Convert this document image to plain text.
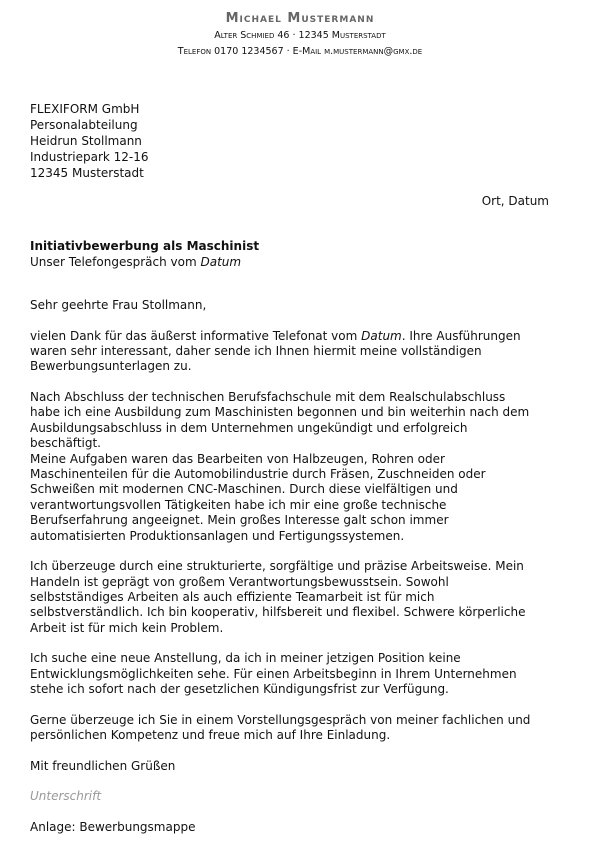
Michael Mustermann
Alter Schmied 46 · 12345 Musterstadt
Telefon 0170 1234567 · E-Mail m.mustermann@gmx.de
FLEXIFORM GmbH
Personalabteilung
Heidrun Stollmann
Industriepark 12-16
12345 Musterstadt
Ort, Datum
Initiativbewerbung als Maschinist
Unser Telefongespräch vom Datum

Sehr geehrte Frau Stollmann,

vielen Dank für das äußerst informative Telefonat vom Datum. Ihre Ausführungen waren sehr interessant, daher sende ich Ihnen hiermit meine vollständigen Bewerbungsunterlagen zu.

Nach Abschluss der technischen Berufsfachschule mit dem Realschulabschluss habe ich eine Ausbildung zum Maschinisten begonnen und bin weiterhin nach dem Ausbildungsabschluss in dem Unternehmen ungekündigt und erfolgreich beschäftigt.

Meine Aufgaben waren das Bearbeiten von Halbzeugen, Rohren oder Maschinenteilen für die Automobilindustrie durch Fräsen, Zuschneiden oder Schweißen mit modernen CNC-Maschinen. Durch diese vielfältigen und verantwortungsvollen Tätigkeiten habe ich mir eine große technische Berufserfahrung angeeignet. Mein großes Interesse galt schon immer automatisierten Produktionsanlagen und Fertigungssystemen.

Ich überzeuge durch eine strukturierte, sorgfältige und präzise Arbeitsweise. Mein Handeln ist geprägt von großem Verantwortungsbewusstsein. Sowohl selbstständiges Arbeiten als auch effiziente Teamarbeit ist für mich selbstverständlich. Ich bin kooperativ, hilfsbereit und flexibel. Schwere körperliche Arbeit ist für mich kein Problem.

Ich suche eine neue Anstellung, da ich in meiner jetzigen Position keine Entwicklungsmöglichkeiten sehe. Für einen Arbeitsbeginn in Ihrem Unternehmen stehe ich sofort nach der gesetzlichen Kündigungsfrist zur Verfügung.

Gerne überzeuge ich Sie in einem Vorstellungsgespräch von meiner fachlichen und persönlichen Kompetenz und freue mich auf Ihre Einladung.

Mit freundlichen Grüßen

Unterschrift

Anlage: Bewerbungsmappe
